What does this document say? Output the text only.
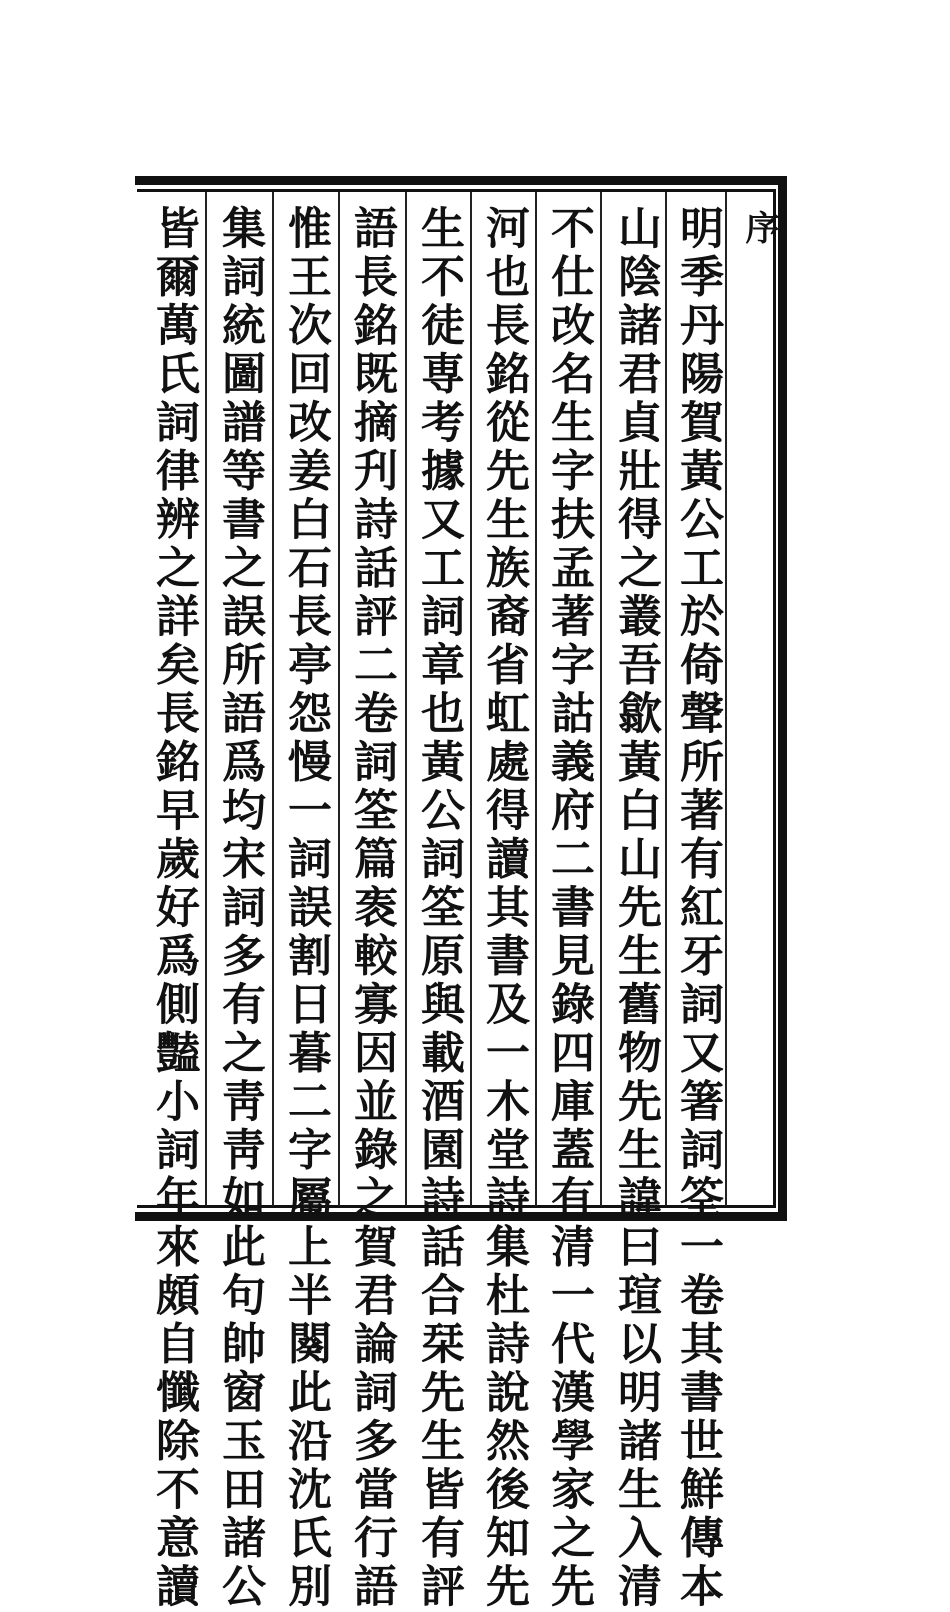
序
明季丹陽賀黃公工於倚聲所著有紅牙詞又箸詞筌一卷其書世鮮傳本
山陰諸君貞壯得之叢吾歙黃白山先生舊物先生諱曰瑄以明諸生入清
不仕改名生字扶孟著字詁義府二書見錄四庫蓋有清一代漢學家之先
河也長銘從先生族裔省虹處得讀其書及一木堂詩集杜詩說然後知先
生不徒専考據又工詞章也黃公詞筌原與載酒園詩話合栞先生皆有評
語長銘既摘刋詩話評二卷詞筌篇袠較寡因並錄之賀君論詞多當行語
惟王次回改姜白石長亭怨慢一詞誤割日暮二字屬上半闋此沿沈氏別
集詞統圖譜等書之誤所語爲均宋詞多有之靑靑如此句帥窗玉田諸公
皆爾萬氏詞律辨之詳矣長銘早歲好爲側豔小詞年來頗自懺除不意讀
